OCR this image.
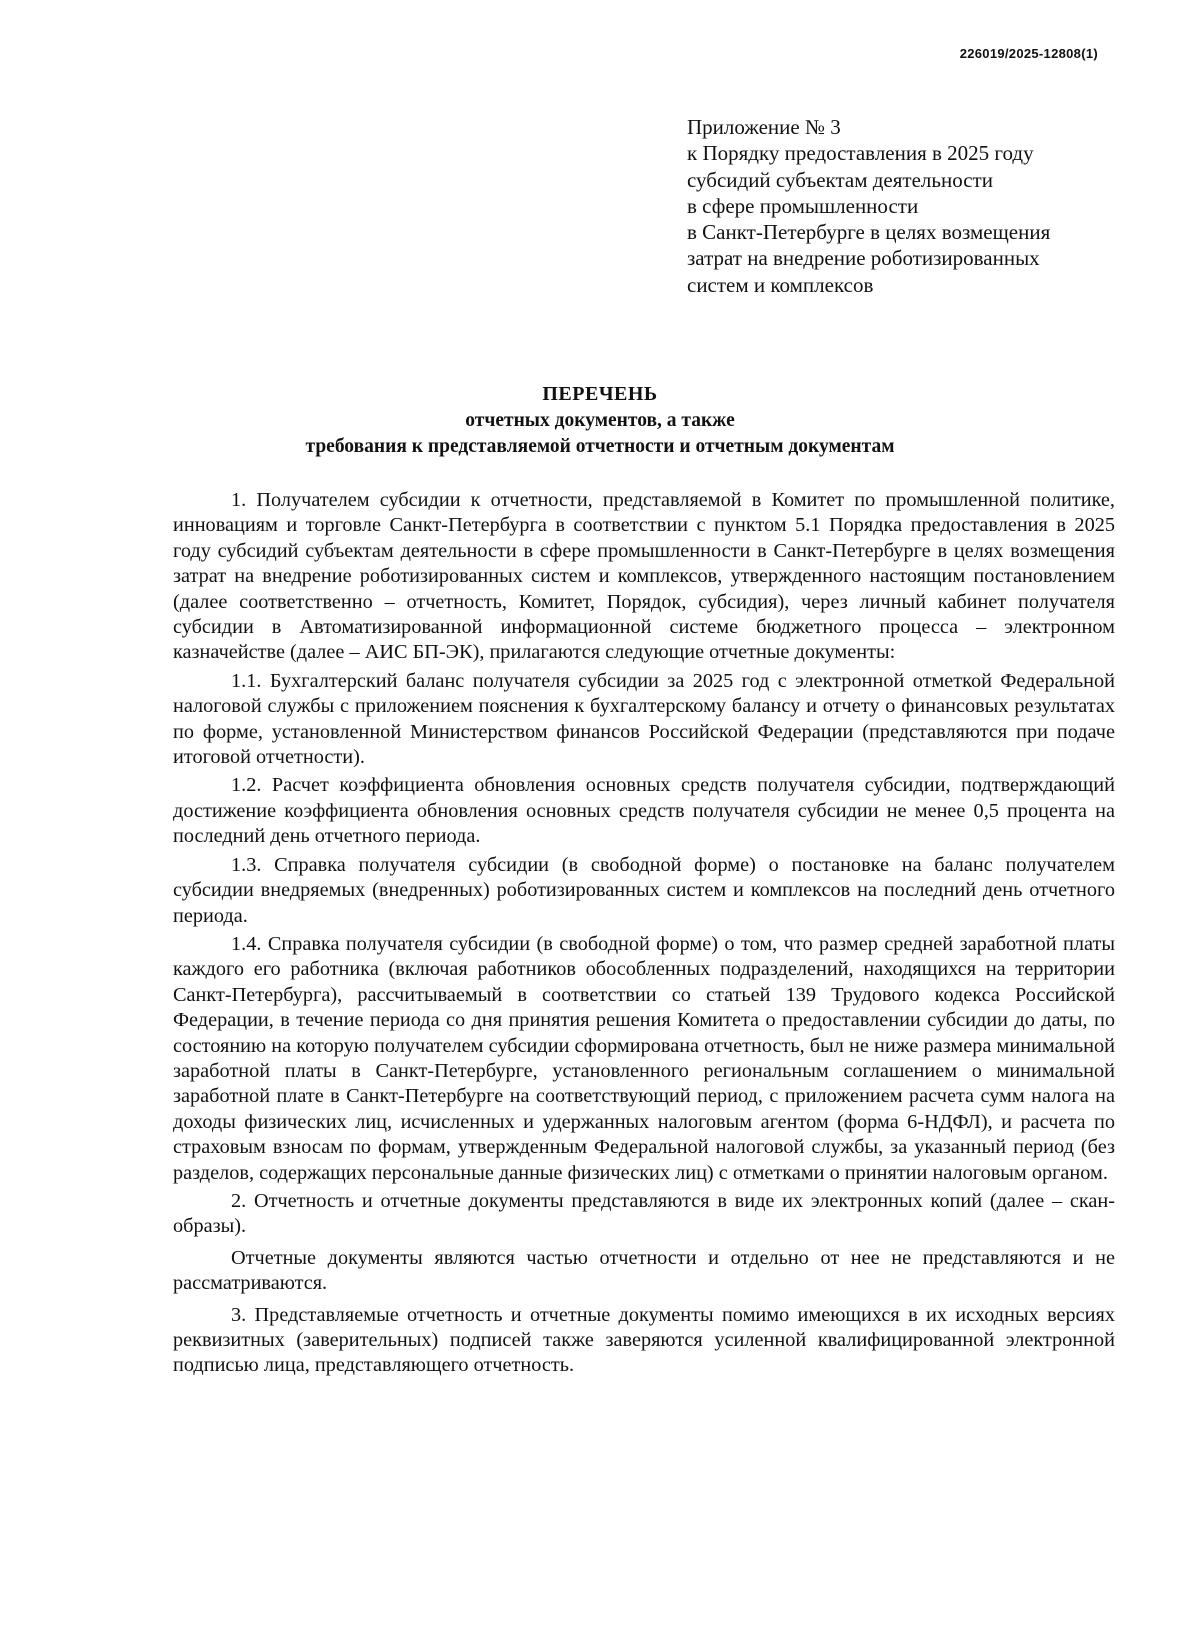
226019/2025-12808(1)
Приложение № 3
к Порядку предоставления в 2025 году
субсидий субъектам деятельности
в сфере промышленности
в Санкт-Петербурге в целях возмещения
затрат на внедрение роботизированных
систем и комплексов
ПЕРЕЧЕНЬ
отчетных документов, а также
требования к представляемой отчетности и отчетным документам

1. Получателем субсидии к отчетности, представляемой в Комитет по промышленной политике, инновациям и торговле Санкт-Петербурга в соответствии с пунктом 5.1 Порядка предоставления в 2025 году субсидий субъектам деятельности в сфере промышленности в Санкт-Петербурге в целях возмещения затрат на внедрение роботизированных систем и комплексов, утвержденного настоящим постановлением (далее соответственно – отчетность, Комитет, Порядок, субсидия), через личный кабинет получателя субсидии в Автоматизированной информационной системе бюджетного процесса – электронном казначействе (далее – АИС БП-ЭК), прилагаются следующие отчетные документы:

1.1. Бухгалтерский баланс получателя субсидии за 2025 год с электронной отметкой Федеральной налоговой службы с приложением пояснения к бухгалтерскому балансу и отчету о финансовых результатах по форме, установленной Министерством финансов Российской Федерации (представляются при подаче итоговой отчетности).

1.2. Расчет коэффициента обновления основных средств получателя субсидии, подтверждающий достижение коэффициента обновления основных средств получателя субсидии не менее 0,5 процента на последний день отчетного периода.

1.3. Справка получателя субсидии (в свободной форме) о постановке на баланс получателем субсидии внедряемых (внедренных) роботизированных систем и комплексов на последний день отчетного периода.

1.4. Справка получателя субсидии (в свободной форме) о том, что размер средней заработной платы каждого его работника (включая работников обособленных подразделений, находящихся на территории Санкт-Петербурга), рассчитываемый в соответствии со статьей 139 Трудового кодекса Российской Федерации, в течение периода со дня принятия решения Комитета о предоставлении субсидии до даты, по состоянию на которую получателем субсидии сформирована отчетность, был не ниже размера минимальной заработной платы в Санкт-Петербурге, установленного региональным соглашением о минимальной заработной плате в Санкт-Петербурге на соответствующий период, с приложением расчета сумм налога на доходы физических лиц, исчисленных и удержанных налоговым агентом (форма 6-НДФЛ), и расчета по страховым взносам по формам, утвержденным Федеральной налоговой службы, за указанный период (без разделов, содержащих персональные данные физических лиц) с отметками о принятии налоговым органом.

2. Отчетность и отчетные документы представляются в виде их электронных копий (далее – скан-образы).

Отчетные документы являются частью отчетности и отдельно от нее не представляются и не рассматриваются.

3. Представляемые отчетность и отчетные документы помимо имеющихся в их исходных версиях реквизитных (заверительных) подписей также заверяются усиленной квалифицированной электронной подписью лица, представляющего отчетность.
